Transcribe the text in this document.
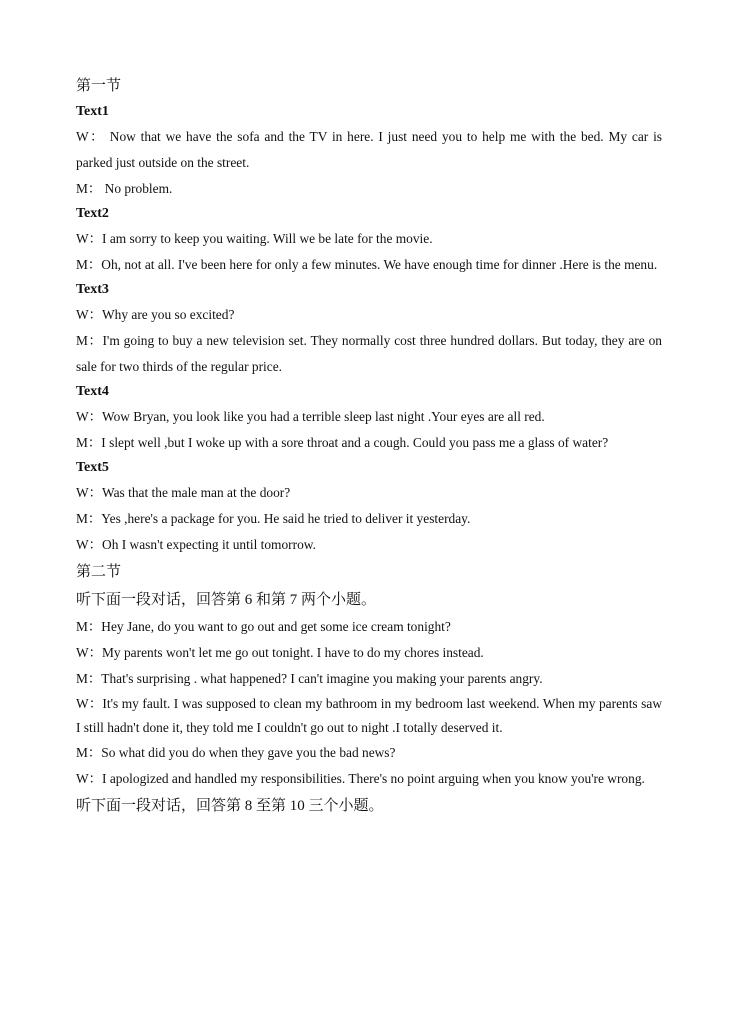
第一节
Text1
W： Now that we have the sofa and the TV in here. I just need you to help me with the bed. My car is parked just outside on the street.
M： No problem.
Text2
W：I am sorry to keep you waiting. Will we be late for the movie.
M：Oh, not at all. I've been here for only a few minutes. We have enough time for dinner .Here is the menu.
Text3
W：Why are you so excited?
M：I'm going to buy a new television set. They normally cost three hundred dollars. But today, they are on sale for two thirds of the regular price.
Text4
W：Wow Bryan, you look like you had a terrible sleep last night .Your eyes are all red.
M：I slept well ,but I woke up with a sore throat and a cough. Could you pass me a glass of water?
Text5
W：Was that the male man at the door?
M：Yes ,here's a package for you. He said he tried to deliver it yesterday.
W：Oh I wasn't expecting it until tomorrow.
第二节
听下面一段对话，回答第 6 和第 7 两个小题。
M：Hey Jane, do you want to go out and get some ice cream tonight?
W：My parents won't let me go out tonight. I have to do my chores instead.
M：That's surprising . what happened? I can't imagine you making your parents angry.
W：It's my fault. I was supposed to clean my bathroom in my bedroom last weekend. When my parents saw I still hadn't done it, they told me I couldn't go out to night .I totally deserved it.
M：So what did you do when they gave you the bad news?
W：I apologized and handled my responsibilities. There's no point arguing when you know you're wrong.
听下面一段对话，回答第 8 至第 10 三个小题。
